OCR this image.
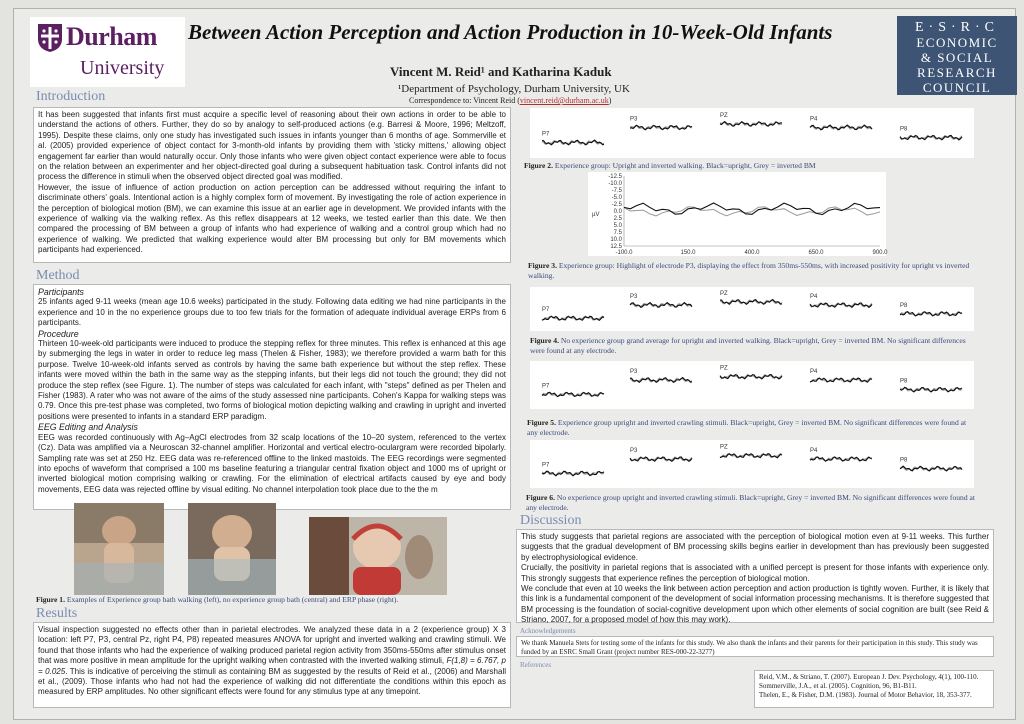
Durham
University
Between Action Perception and Action Production in 10-Week-Old Infants	E·S·R·C
ECONOMIC
& SOCIAL
RESEARCH
COUNCIL
Vincent M. Reid¹ and Katharina Kaduk
¹Department of Psychology, Durham University, UK
Correspondence to: Vincent Reid (vincent.reid@durham.ac.uk)
Introduction

It has been suggested that infants first must acquire a specific level of reasoning about their own actions in order to be able to understand the actions of others. Further, they do so by analogy to self-produced actions (e.g. Barresi & Moore, 1996; Meltzoff, 1995). Despite these claims, only one study has investigated such issues in infants younger than 6 months of age. Sommerville et al. (2005) provided experience of object contact for 3-month-old infants by providing them with 'sticky mittens,' allowing object engagement far earlier than would naturally occur. Only those infants who were given object contact experience were able to focus on the relation between an experimenter and her object-directed goal during a subsequent habituation task. Control infants did not process the difference in stimuli when the observed object directed goal was modified.

However, the issue of influence of action production on action perception can be addressed without requiring the infant to discriminate others' goals. Intentional action is a highly complex form of movement. By investigating the role of action experience in the perception of biological motion (BM), we can examine this issue at an earlier age in development. We provided infants with the experience of walking via the walking reflex. As this reflex disappears at 12 weeks, we tested earlier than this date. We then compared the processing of BM between a group of infants who had experience of walking and a control group which had no experience of walking. We predicted that walking experience would alter BM processing but only for BM movements which participants had experienced.

Method

Participants

25 infants aged 9-11 weeks (mean age 10.6 weeks) participated in the study. Following data editing we had nine participants in the experience and 10 in the no experience groups due to too few trials for the formation of adequate individual average ERPs from 6 participants.

Procedure

Thirteen 10-week-old participants were induced to produce the stepping reflex for three minutes. This reflex is enhanced at this age by submerging the legs in water in order to reduce leg mass (Thelen & Fisher, 1983); we therefore provided a warm bath for this purpose. Twelve 10-week-old infants served as controls by having the same bath experience but without the step reflex. These infants were moved within the bath in the same way as the stepping infants, but their legs did not touch the ground; they did not produce the step reflex (see Figure. 1). The number of steps was calculated for each infant, with "steps" defined as per Thelen and Fisher (1983). A rater who was not aware of the aims of the study assessed nine participants. Cohen's Kappa for walking steps was 0.79. Once this pre-test phase was completed, two forms of biological motion depicting walking and crawling in upright and inverted positions were presented to infants in a standard ERP paradigm.

EEG Editing and Analysis

EEG was recorded continuously with Ag–AgCl electrodes from 32 scalp locations of the 10–20 system, referenced to the vertex (Cz). Data was amplified via a Neuroscan 32-channel amplifier. Horizontal and vertical electro-oculargram were recorded bipolarly. Sampling rate was set at 250 Hz. EEG data was re-referenced offline to the linked mastoids. The EEG recordings were segmented into epochs of waveform that comprised a 100 ms baseline featuring a triangular central fixation object and 1000 ms of upright or inverted biological motion comprising walking or crawling. For the elimination of electrical artifacts caused by eye and body movements, EEG data was rejected offline by visual editing. No channel interpolation took place due to the the m

Figure 1. Examples of Experience group bath walking (left), no experience group bath (central) and ERP phase (right).
Results

Visual inspection suggested no effects other than in parietal electrodes. We analyzed these data in a 2 (experience group) X 3 location: left P7, P3, central Pz, right P4, P8) repeated measures ANOVA for upright and inverted walking and crawling stimuli. We found that those infants who had the experience of walking produced parietal region activity from 350ms-550ms after stimulus onset that was more positive in mean amplitude for the upright walking when contrasted with the inverted walking stimuli, F(1,8) = 6.767, p = 0.025. This is indicative of perceiving the stimuli as containing BM as suggested by the results of Reid et al., (2006) and Marshall et al., (2009). Those infants who had not had the experience of walking did not differentiate the conditions within this epoch as measured by ERP amplitudes. No other significant effects were found for any stimulus type at any timepoint.

P3
PZ
P4
P7
P8
Figure 2. Experience group: Upright and inverted walking. Black=upright, Grey = inverted BM
µV
-12.5
-10.0
-7.5
-5.0
-2.5
0.0
2.5
5.0
7.5
10.0
12.5
-100.0	150.0	400.0	650.0	900.0
Figure 3. Experience group: Highlight of electrode P3, displaying the effect from 350ms-550ms, with increased positivity for upright vs inverted walking.
P3
PZ
P4
P7
P8
Figure 4. No experience group grand average for upright and inverted walking. Black=upright, Grey = inverted BM. No significant differences were found at any electrode.
P3
PZ
P4
P7
P8
Figure 5. Experience group upright and inverted crawling stimuli. Black=upright, Grey = inverted BM. No significant differences were found at any electrode.
P3
PZ
P4
P7
P8
Figure 6. No experience group upright and inverted crawling stimuli. Black=upright, Grey = inverted BM. No significant differences were found at any electrode.
Discussion

This study suggests that parietal regions are associated with the perception of biological motion even at 9-11 weeks. This further suggests that the gradual development of BM processing skills begins earlier in development than has previously been suggested by electrophysiological evidence.

Crucially, the positivity in parietal regions that is associated with a unified percept is present for those infants with experience only. This strongly suggests that experience refines the perception of biological motion.

We conclude that even at 10 weeks the link between action perception and action production is tightly woven. Further, it is likely that this link is a fundamental component of the development of social information processing mechanisms. It is therefore suggested that BM processing is the foundation of social-cognitive development upon which other elements of social cognition are built (see Reid & Striano, 2007, for a proposed model of how this may work).

Acknowledgements
We thank Manuela Stets for testing some of the infants for this study. We also thank the infants and their parents for their participation in this study. This study was funded by an ESRC Small Grant (project number RES-000-22-3277)
References
Reid, V.M., & Striano, T. (2007). European J. Dev. Psychology, 4(1), 100-110.
Sommerville, J.A., et al. (2005). Cognition, 96, B1-B11.
Thelen, E., & Fisher, D.M. (1983). Journal of Motor Behavior, 18, 353-377.
